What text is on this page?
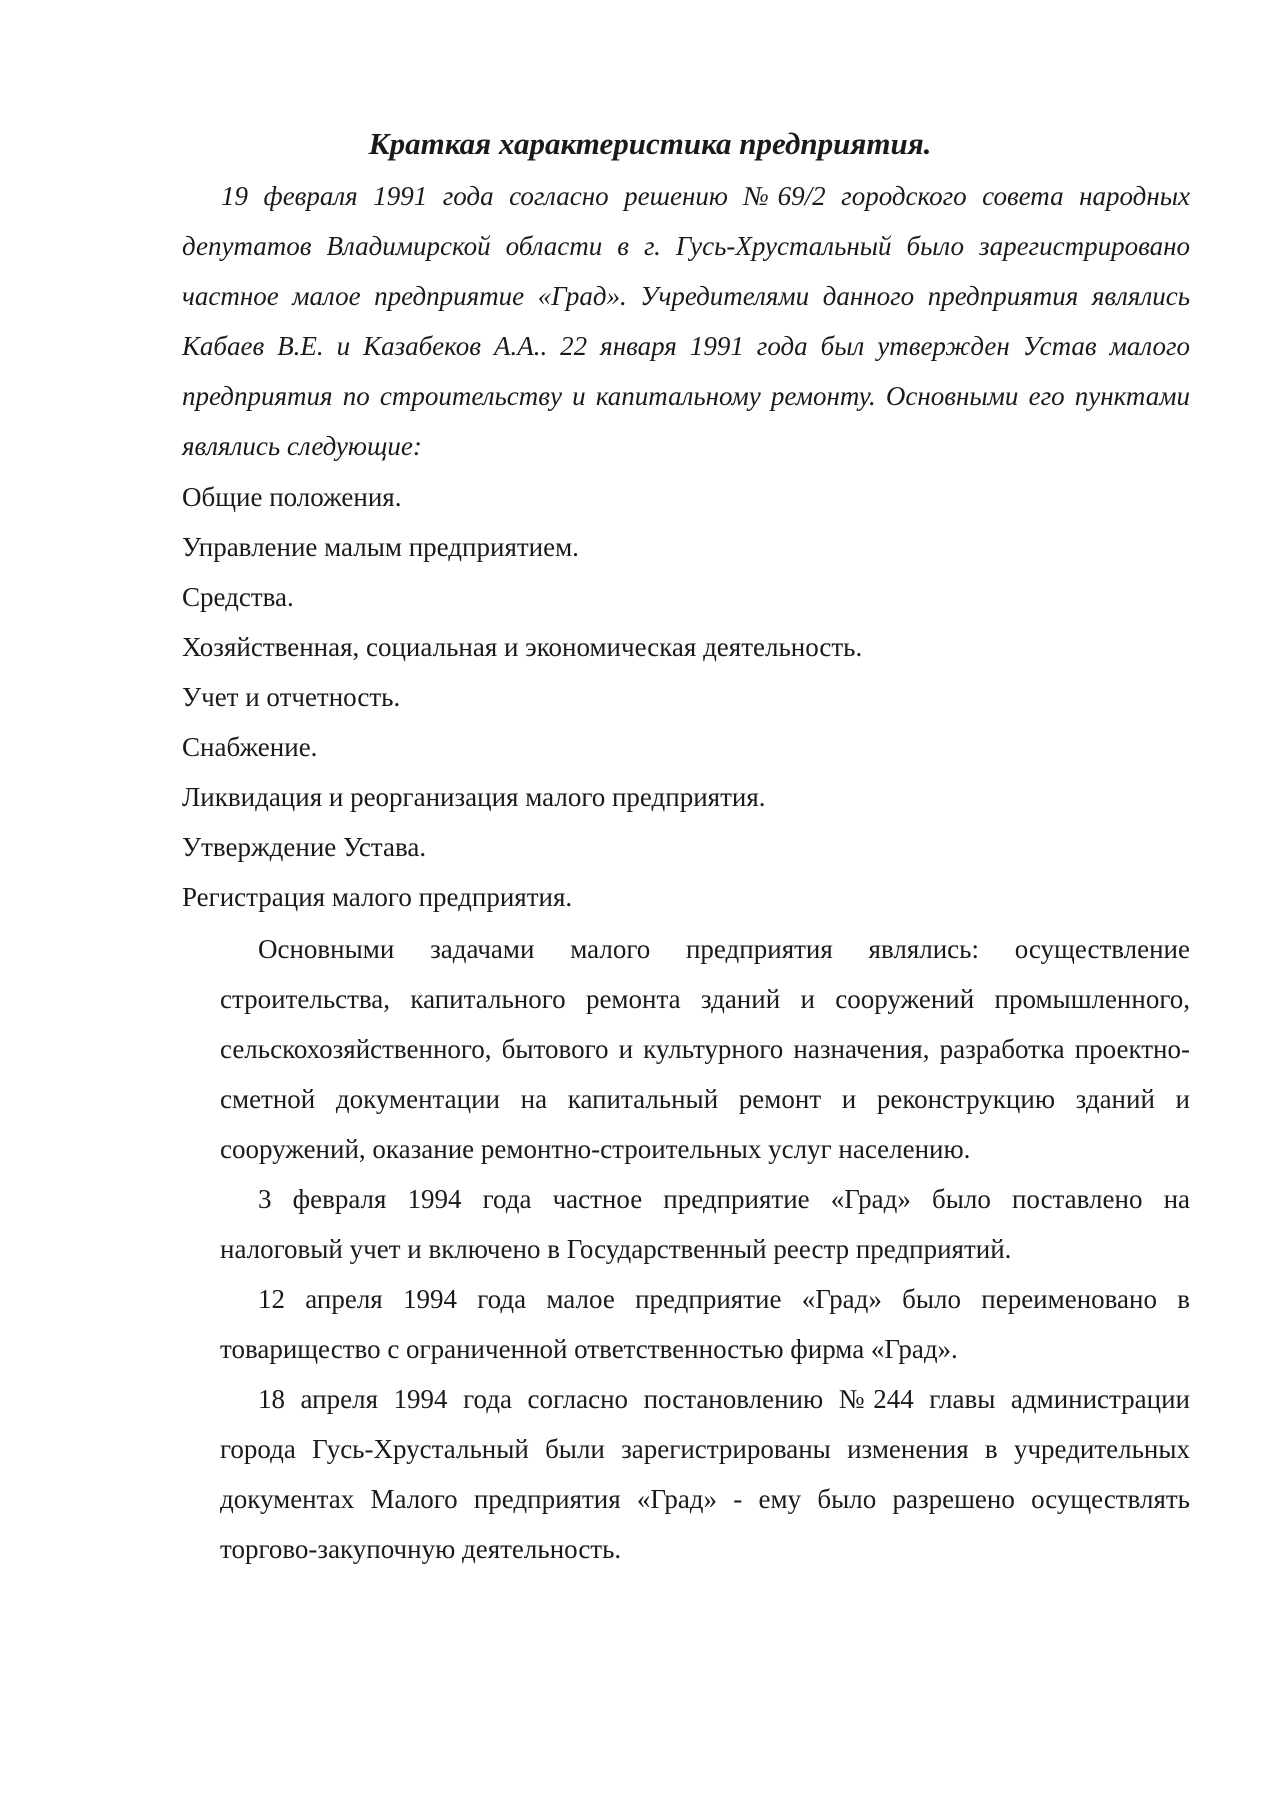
Краткая характеристика предприятия.

19 февраля 1991 года согласно решению №69/2 городского совета народных депутатов Владимирской области в г. Гусь-Хрустальный было зарегистрировано частное малое предприятие «Град». Учредителями данного предприятия являлись Кабаев В.Е. и Казабеков А.А.. 22 января 1991 года был утвержден Устав малого предприятия по строительству и капитальному ремонту. Основными его пунктами являлись следующие:

Общие положения.
Управление малым предприятием.
Средства.
Хозяйственная, социальная и экономическая деятельность.
Учет и отчетность.
Снабжение.
Ликвидация и реорганизация малого предприятия.
Утверждение Устава.
Регистрация малого предприятия.

Основными задачами малого предприятия являлись: осуществление строительства, капитального ремонта зданий и сооружений промышленного, сельскохозяйственного, бытового и культурного назначения, разработка проектно-сметной документации на капитальный ремонт и реконструкцию зданий и сооружений, оказание ремонтно-строительных услуг населению.

3 февраля 1994 года частное предприятие «Град» было поставлено на налоговый учет и включено в Государственный реестр предприятий.

12 апреля 1994 года малое предприятие «Град» было переименовано в товарищество с ограниченной ответственностью фирма «Град».

18 апреля 1994 года согласно постановлению №244 главы администрации города Гусь-Хрустальный были зарегистрированы изменения в учредительных документах Малого предприятия «Град» - ему было разрешено осуществлять торгово-закупочную деятельность.
